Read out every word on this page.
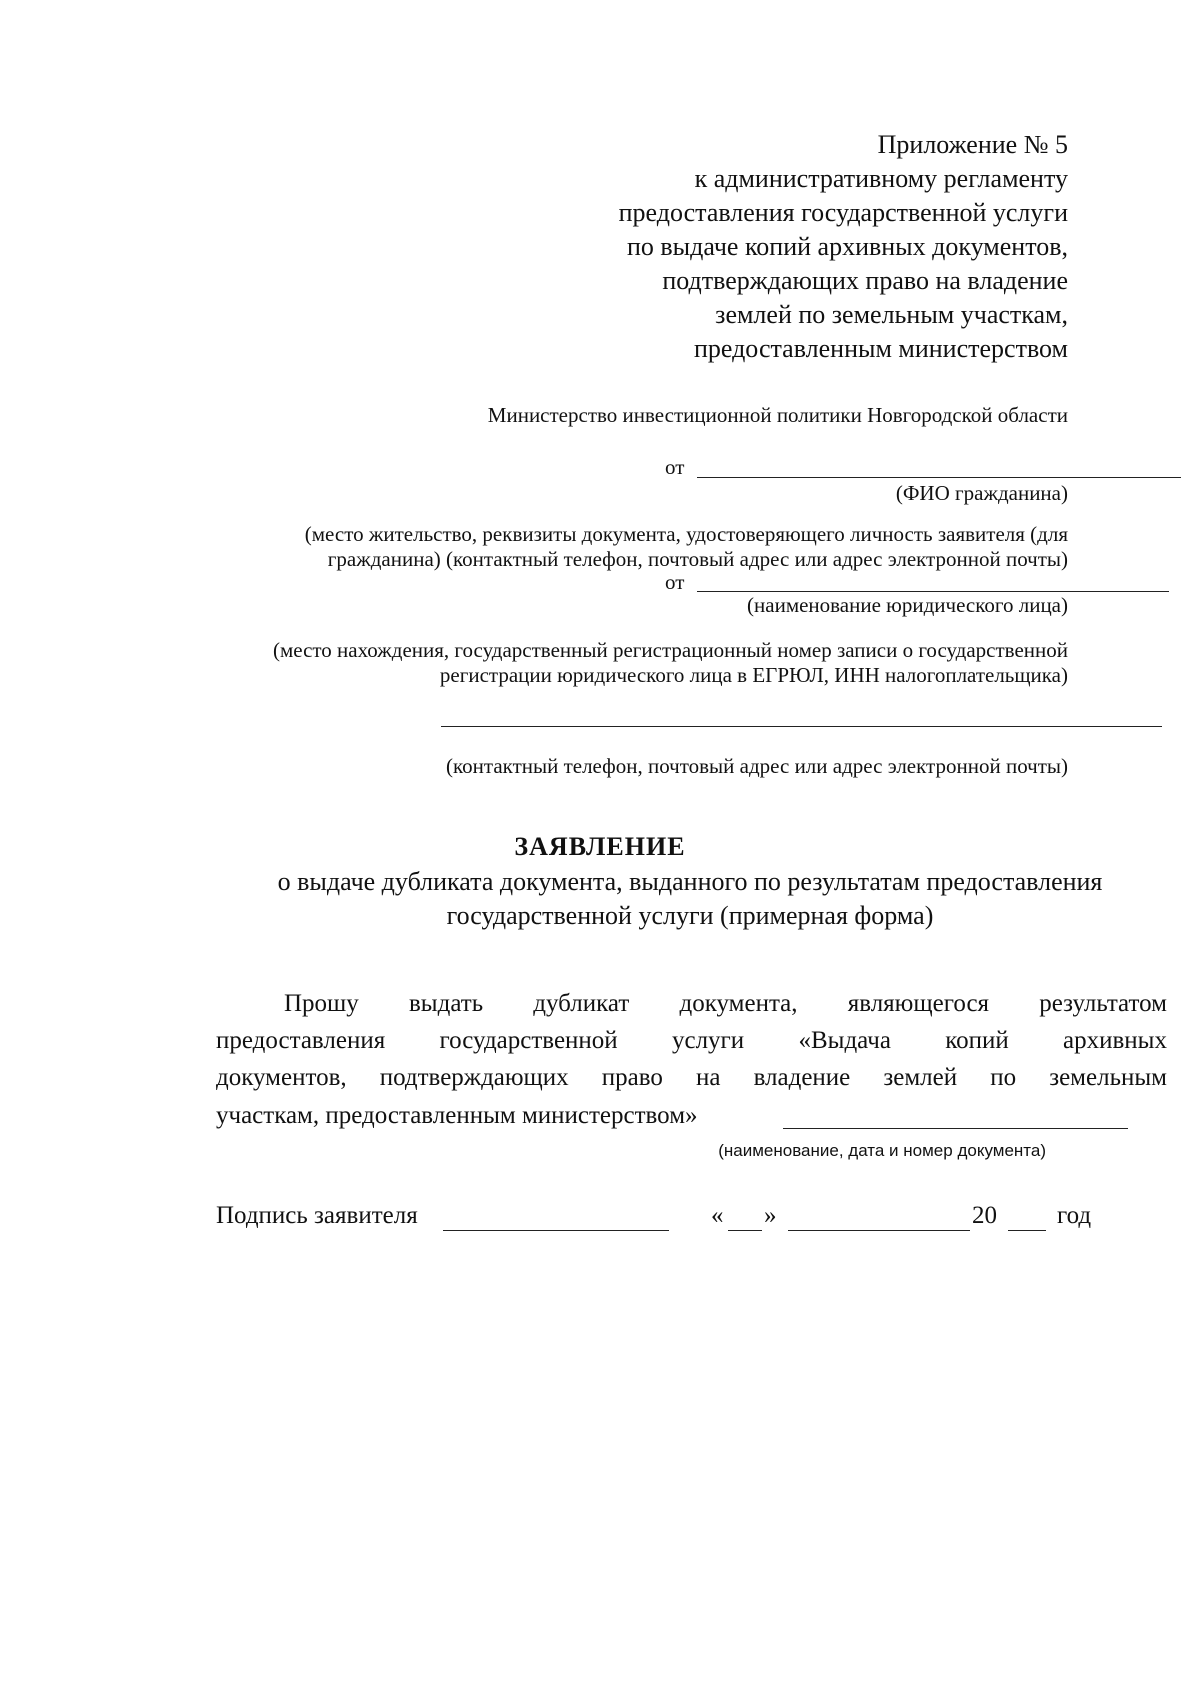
Приложение № 5
к административному регламенту
предоставления государственной услуги
по выдаче копий архивных документов,
подтверждающих право на владение
землей по земельным участкам,
предоставленным министерством
Министерство инвестиционной политики Новгородской области
от
(ФИО гражданина)
(место жительство, реквизиты документа, удостоверяющего личность заявителя (для
гражданина) (контактный телефон, почтовый адрес или адрес электронной почты)
от
(наименование юридического лица)
(место нахождения, государственный регистрационный номер записи о государственной
регистрации юридического лица в ЕГРЮЛ, ИНН налогоплательщика)
(контактный телефон, почтовый адрес или адрес электронной почты)
ЗАЯВЛЕНИЕ
о выдаче дубликата документа, выданного по результатам предоставления
государственной услуги (примерная форма)
Прошу выдать дубликат документа, являющегося результатом
предоставления государственной услуги «Выдача копий архивных
документов, подтверждающих право на владение землей по земельным
участкам, предоставленным министерством»
(наименование, дата и номер документа)
Подпись заявителя	« »	20 год
